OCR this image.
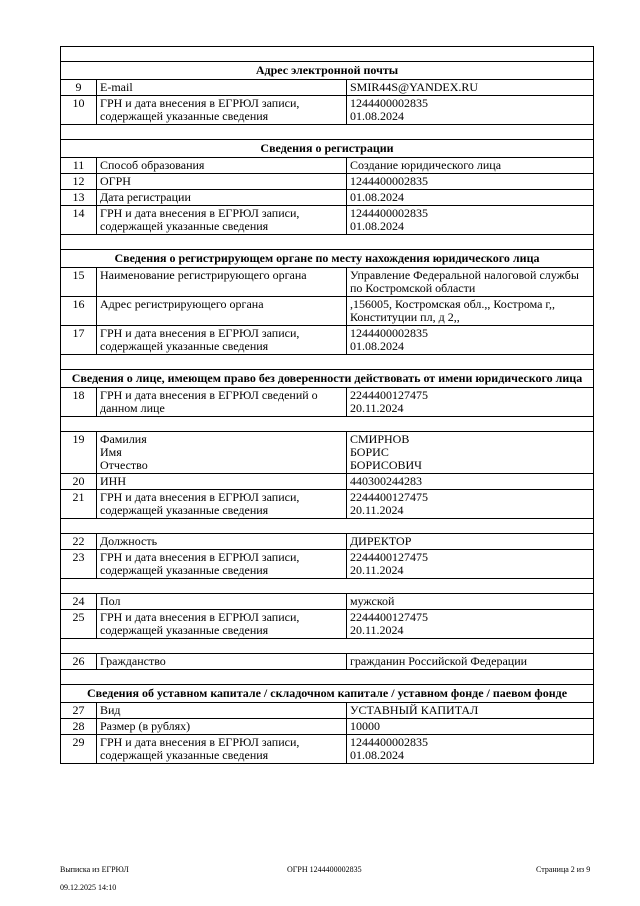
Адрес электронной почты		
9	E-mail	SMIR44S@YANDEX.RU
10	ГРН и дата внесения в ЕГРЮЛ записи, содержащей указанные сведения	1244400002835
01.08.2024

Сведения о регистрации		
11	Способ образования	Создание юридического лица
12	ОГРН	1244400002835
13	Дата регистрации	01.08.2024
14	ГРН и дата внесения в ЕГРЮЛ записи, содержащей указанные сведения	1244400002835
01.08.2024

Сведения о регистрирующем органе по месту нахождения юридического лица		
15	Наименование регистрирующего органа	Управление Федеральной налоговой службы по Костромской области
16	Адрес регистрирующего органа	,156005, Костромская обл.,, Кострома г,, Конституции пл, д 2,,
17	ГРН и дата внесения в ЕГРЮЛ записи, содержащей указанные сведения	1244400002835
01.08.2024

Сведения о лице, имеющем право без доверенности действовать от имени юридического лица		
18	ГРН и дата внесения в ЕГРЮЛ сведений о данном лице	2244400127475
20.11.2024

19	Фамилия
Имя
Отчество	СМИРНОВ
БОРИС
БОРИСОВИЧ
20	ИНН	440300244283
21	ГРН и дата внесения в ЕГРЮЛ записи, содержащей указанные сведения	2244400127475
20.11.2024

22	Должность	ДИРЕКТОР
23	ГРН и дата внесения в ЕГРЮЛ записи, содержащей указанные сведения	2244400127475
20.11.2024

24	Пол	мужской
25	ГРН и дата внесения в ЕГРЮЛ записи, содержащей указанные сведения	2244400127475
20.11.2024

26	Гражданство	гражданин Российской Федерации

Сведения об уставном капитале / складочном капитале / уставном фонде / паевом фонде		
27	Вид	УСТАВНЫЙ КАПИТАЛ
28	Размер (в рублях)	10000
29	ГРН и дата внесения в ЕГРЮЛ записи, содержащей указанные сведения	1244400002835
01.08.2024

Выписка из ЕГРЮЛ

09.12.2025 14:10

ОГРН 1244400002835	Страница 2 из 9
